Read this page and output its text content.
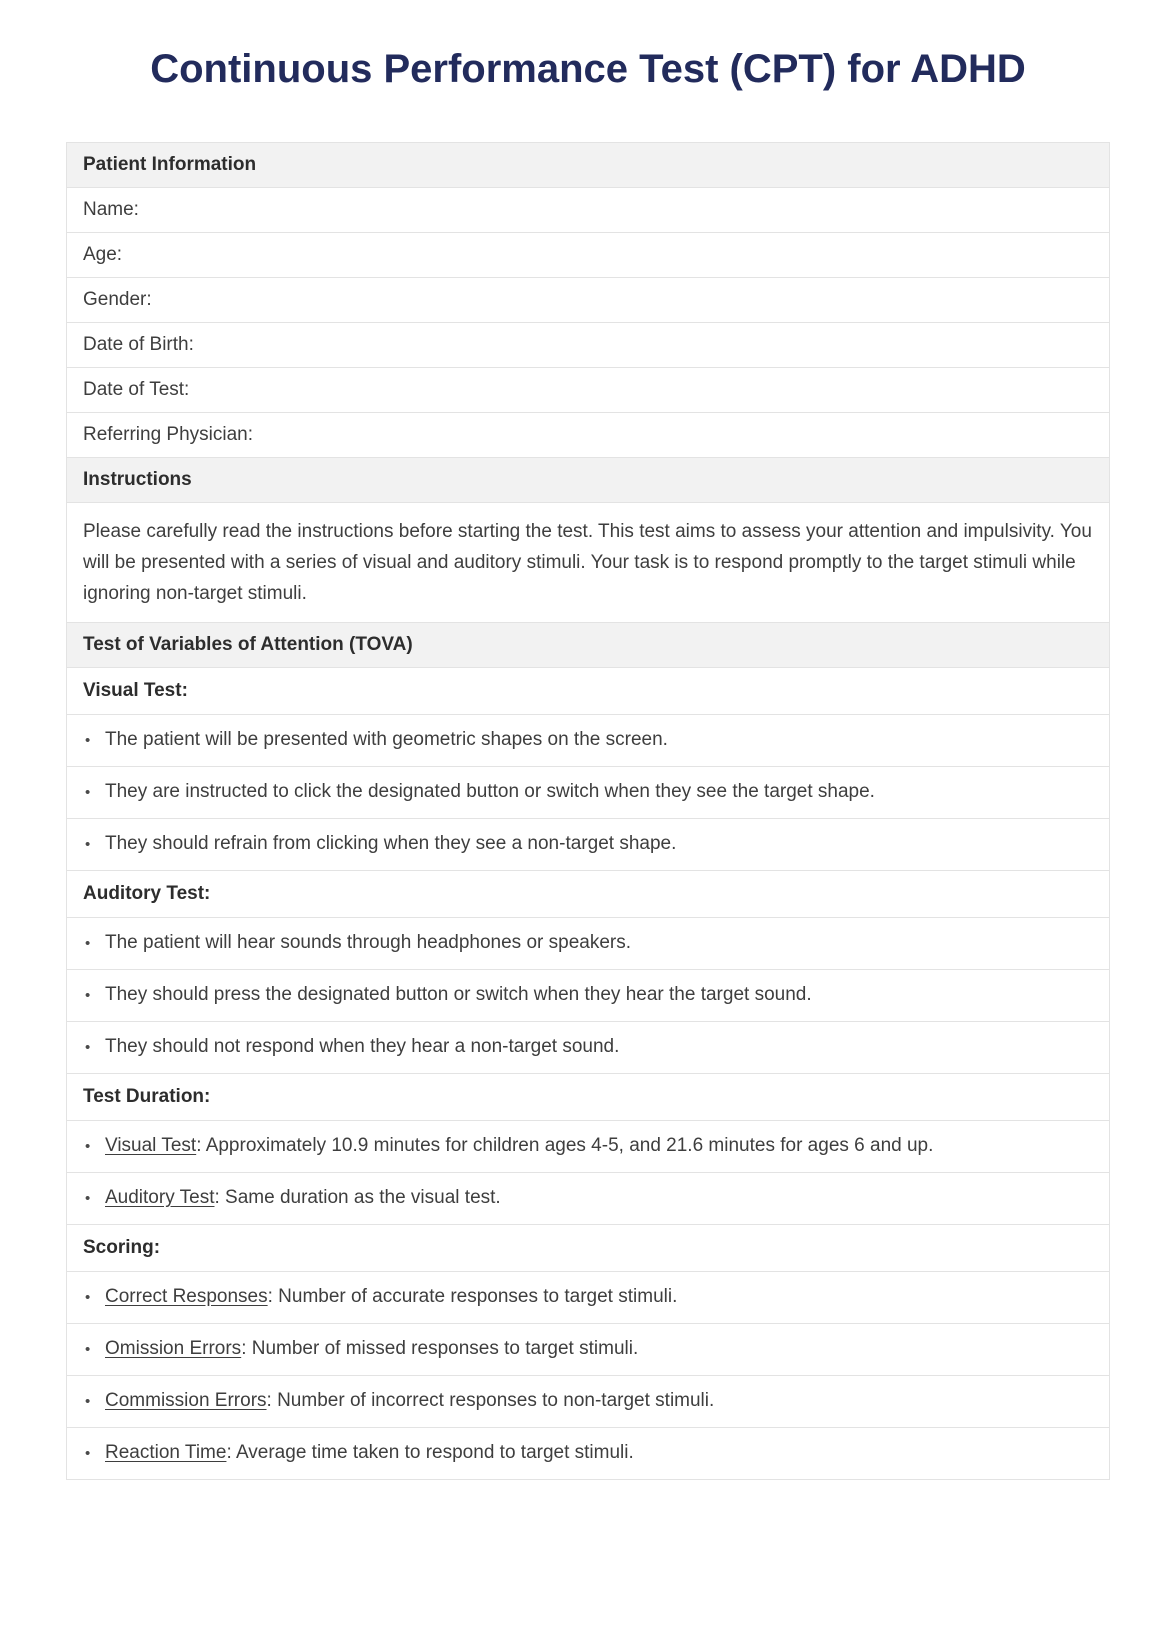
Continuous Performance Test (CPT) for ADHD
Patient Information
Name:
Age:
Gender:
Date of Birth:
Date of Test:
Referring Physician:
Instructions
Please carefully read the instructions before starting the test. This test aims to assess your attention and impulsivity. You will be presented with a series of visual and auditory stimuli. Your task is to respond promptly to the target stimuli while ignoring non-target stimuli.
Test of Variables of Attention (TOVA)
Visual Test:
•
The patient will be presented with geometric shapes on the screen.
•
They are instructed to click the designated button or switch when they see the target shape.
•
They should refrain from clicking when they see a non-target shape.
Auditory Test:
•
The patient will hear sounds through headphones or speakers.
•
They should press the designated button or switch when they hear the target sound.
•
They should not respond when they hear a non-target sound.
Test Duration:
•
Visual Test: Approximately 10.9 minutes for children ages 4-5, and 21.6 minutes for ages 6 and up.
•
Auditory Test: Same duration as the visual test.
Scoring:
•
Correct Responses: Number of accurate responses to target stimuli.
•
Omission Errors: Number of missed responses to target stimuli.
•
Commission Errors: Number of incorrect responses to non-target stimuli.
•
Reaction Time: Average time taken to respond to target stimuli.
